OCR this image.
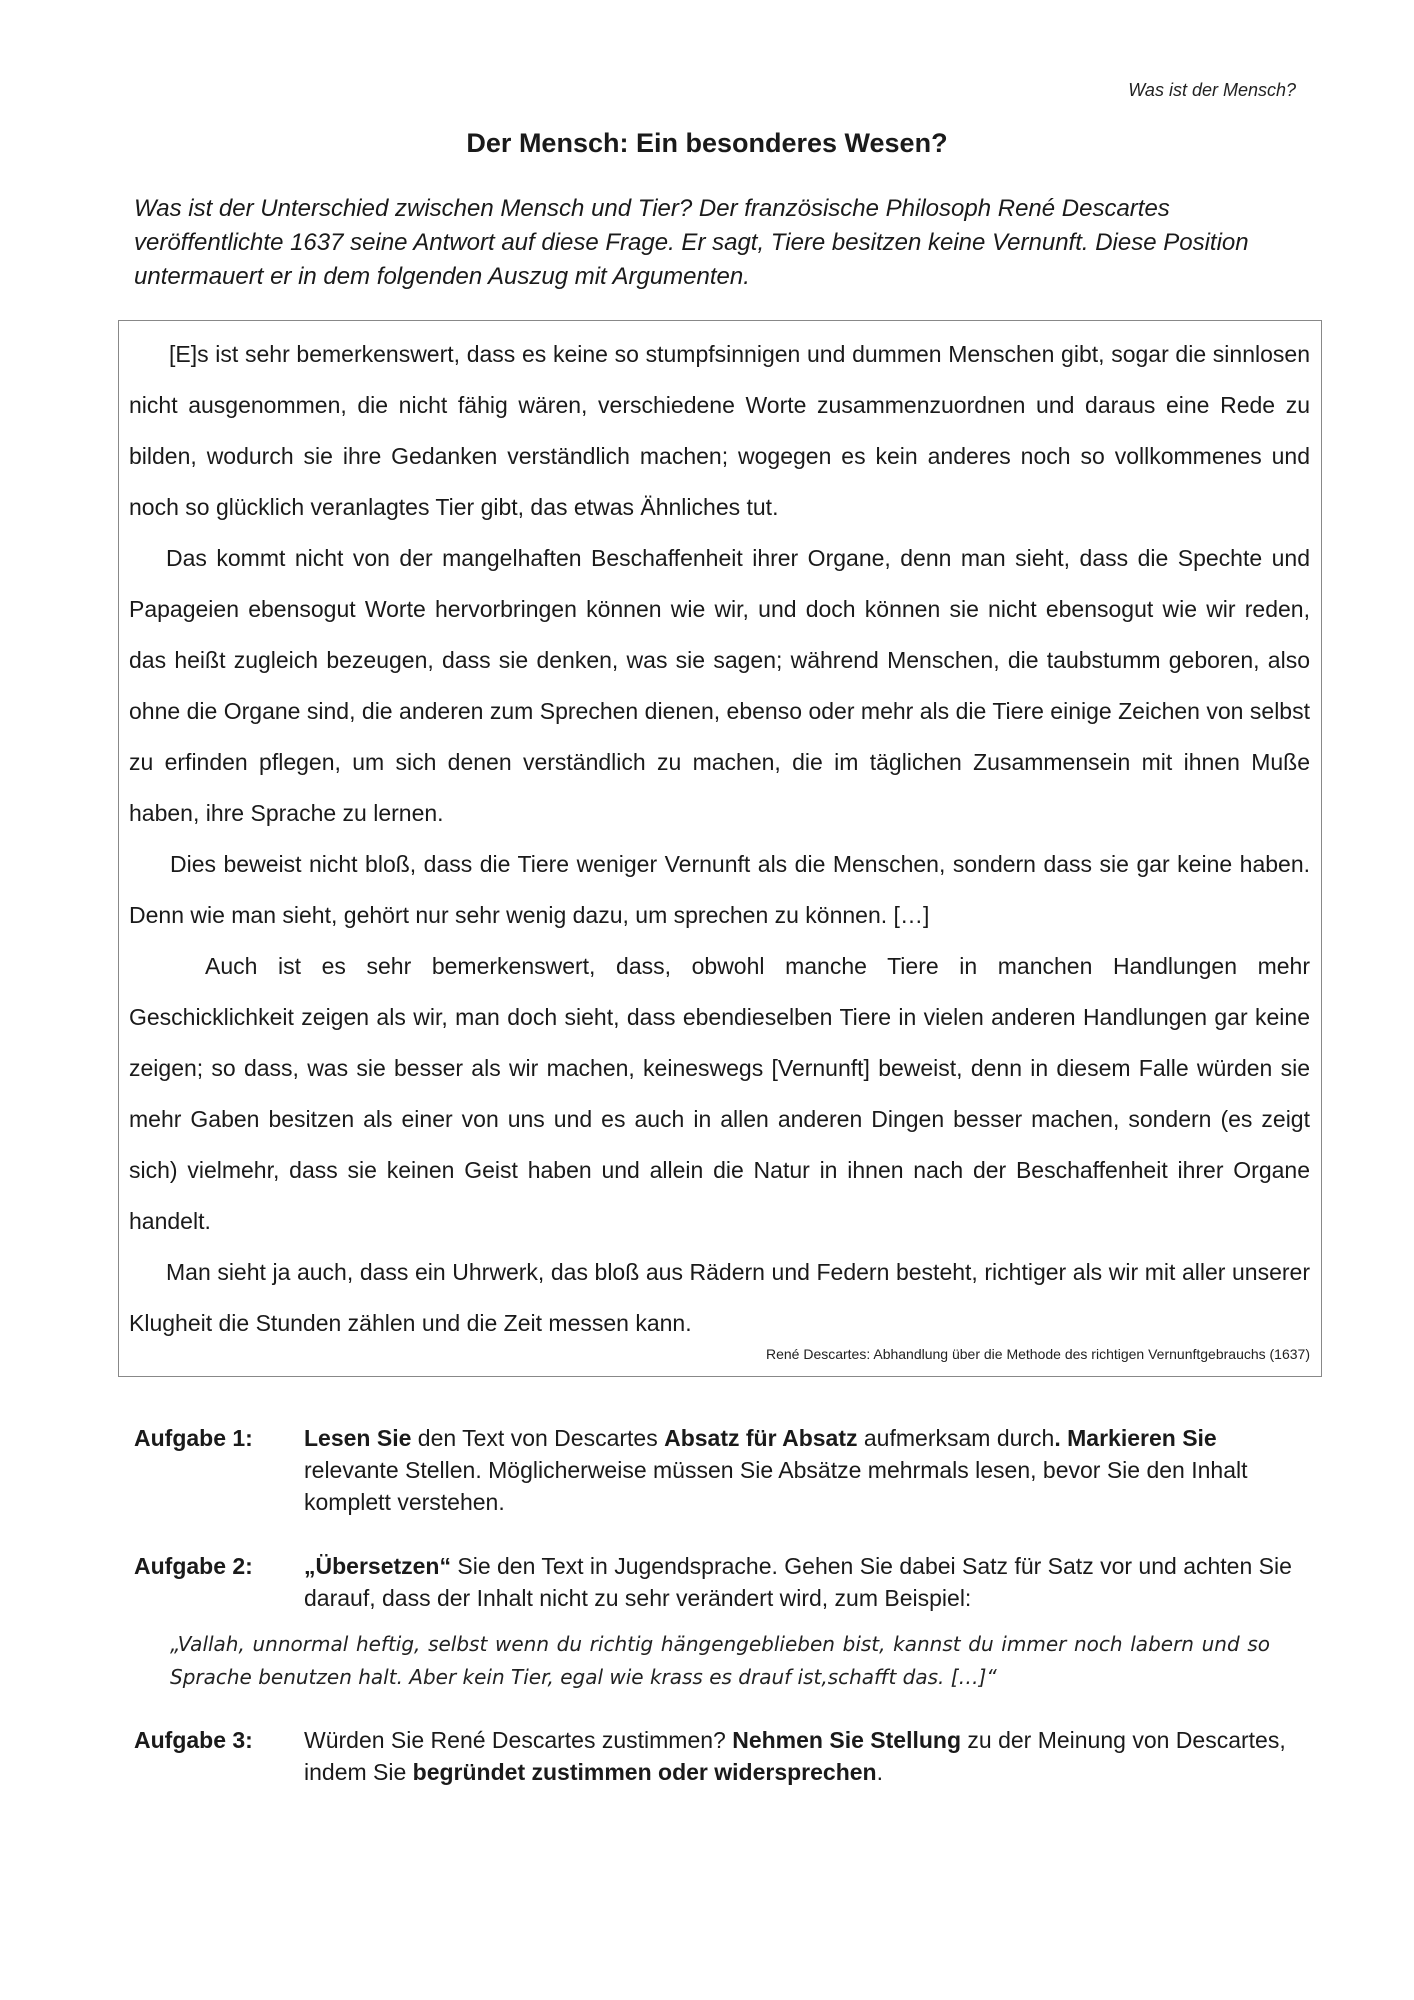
Was ist der Mensch?
Der Mensch: Ein besonderes Wesen?
Was ist der Unterschied zwischen Mensch und Tier? Der französische Philosoph René Descartes veröffentlichte 1637 seine Antwort auf diese Frage. Er sagt, Tiere besitzen keine Vernunft. Diese Position untermauert er in dem folgenden Auszug mit Argumenten.

[E]s ist sehr bemerkenswert, dass es keine so stumpfsinnigen und dummen Menschen gibt, sogar die sinnlosen nicht ausgenommen, die nicht fähig wären, verschiedene Worte zusammenzuordnen und daraus eine Rede zu bilden, wodurch sie ihre Gedanken verständlich machen; wogegen es kein anderes noch so vollkommenes und noch so glücklich veranlagtes Tier gibt, das etwas Ähnliches tut.

Das kommt nicht von der mangelhaften Beschaffenheit ihrer Organe, denn man sieht, dass die Spechte und Papageien ebensogut Worte hervorbringen können wie wir, und doch können sie nicht ebensogut wie wir reden, das heißt zugleich bezeugen, dass sie denken, was sie sagen; während Menschen, die taubstumm geboren, also ohne die Organe sind, die anderen zum Sprechen dienen, ebenso oder mehr als die Tiere einige Zeichen von selbst zu erfinden pflegen, um sich denen verständlich zu machen, die im täglichen Zusammensein mit ihnen Muße haben, ihre Sprache zu lernen.

Dies beweist nicht bloß, dass die Tiere weniger Vernunft als die Menschen, sondern dass sie gar keine haben. Denn wie man sieht, gehört nur sehr wenig dazu, um sprechen zu können. […]

Auch ist es sehr bemerkenswert, dass, obwohl manche Tiere in manchen Handlungen mehr Geschicklichkeit zeigen als wir, man doch sieht, dass ebendieselben Tiere in vielen anderen Handlungen gar keine zeigen; so dass, was sie besser als wir machen, keineswegs [Vernunft] beweist, denn in diesem Falle würden sie mehr Gaben besitzen als einer von uns und es auch in allen anderen Dingen besser machen, sondern (es zeigt sich) vielmehr, dass sie keinen Geist haben und allein die Natur in ihnen nach der Beschaffenheit ihrer Organe handelt.

Man sieht ja auch, dass ein Uhrwerk, das bloß aus Rädern und Federn besteht, richtiger als wir mit aller unserer Klugheit die Stunden zählen und die Zeit messen kann.

René Descartes: Abhandlung über die Methode des richtigen Vernunftgebrauchs (1637)
Aufgabe 1:	Lesen Sie den Text von Descartes Absatz für Absatz aufmerksam durch. Markieren Sie relevante Stellen. Möglicherweise müssen Sie Absätze mehrmals lesen, bevor Sie den Inhalt komplett verstehen.
Aufgabe 2:	„Übersetzen“ Sie den Text in Jugendsprache. Gehen Sie dabei Satz für Satz vor und achten Sie darauf, dass der Inhalt nicht zu sehr verändert wird, zum Beispiel:
„Vallah, unnormal heftig, selbst wenn du richtig hängengeblieben bist, kannst du immer noch labern und so Sprache benutzen halt. Aber kein Tier, egal wie krass es drauf ist,schafft das. […]“
Aufgabe 3:	Würden Sie René Descartes zustimmen? Nehmen Sie Stellung zu der Meinung von Descartes, indem Sie begründet zustimmen oder widersprechen.
